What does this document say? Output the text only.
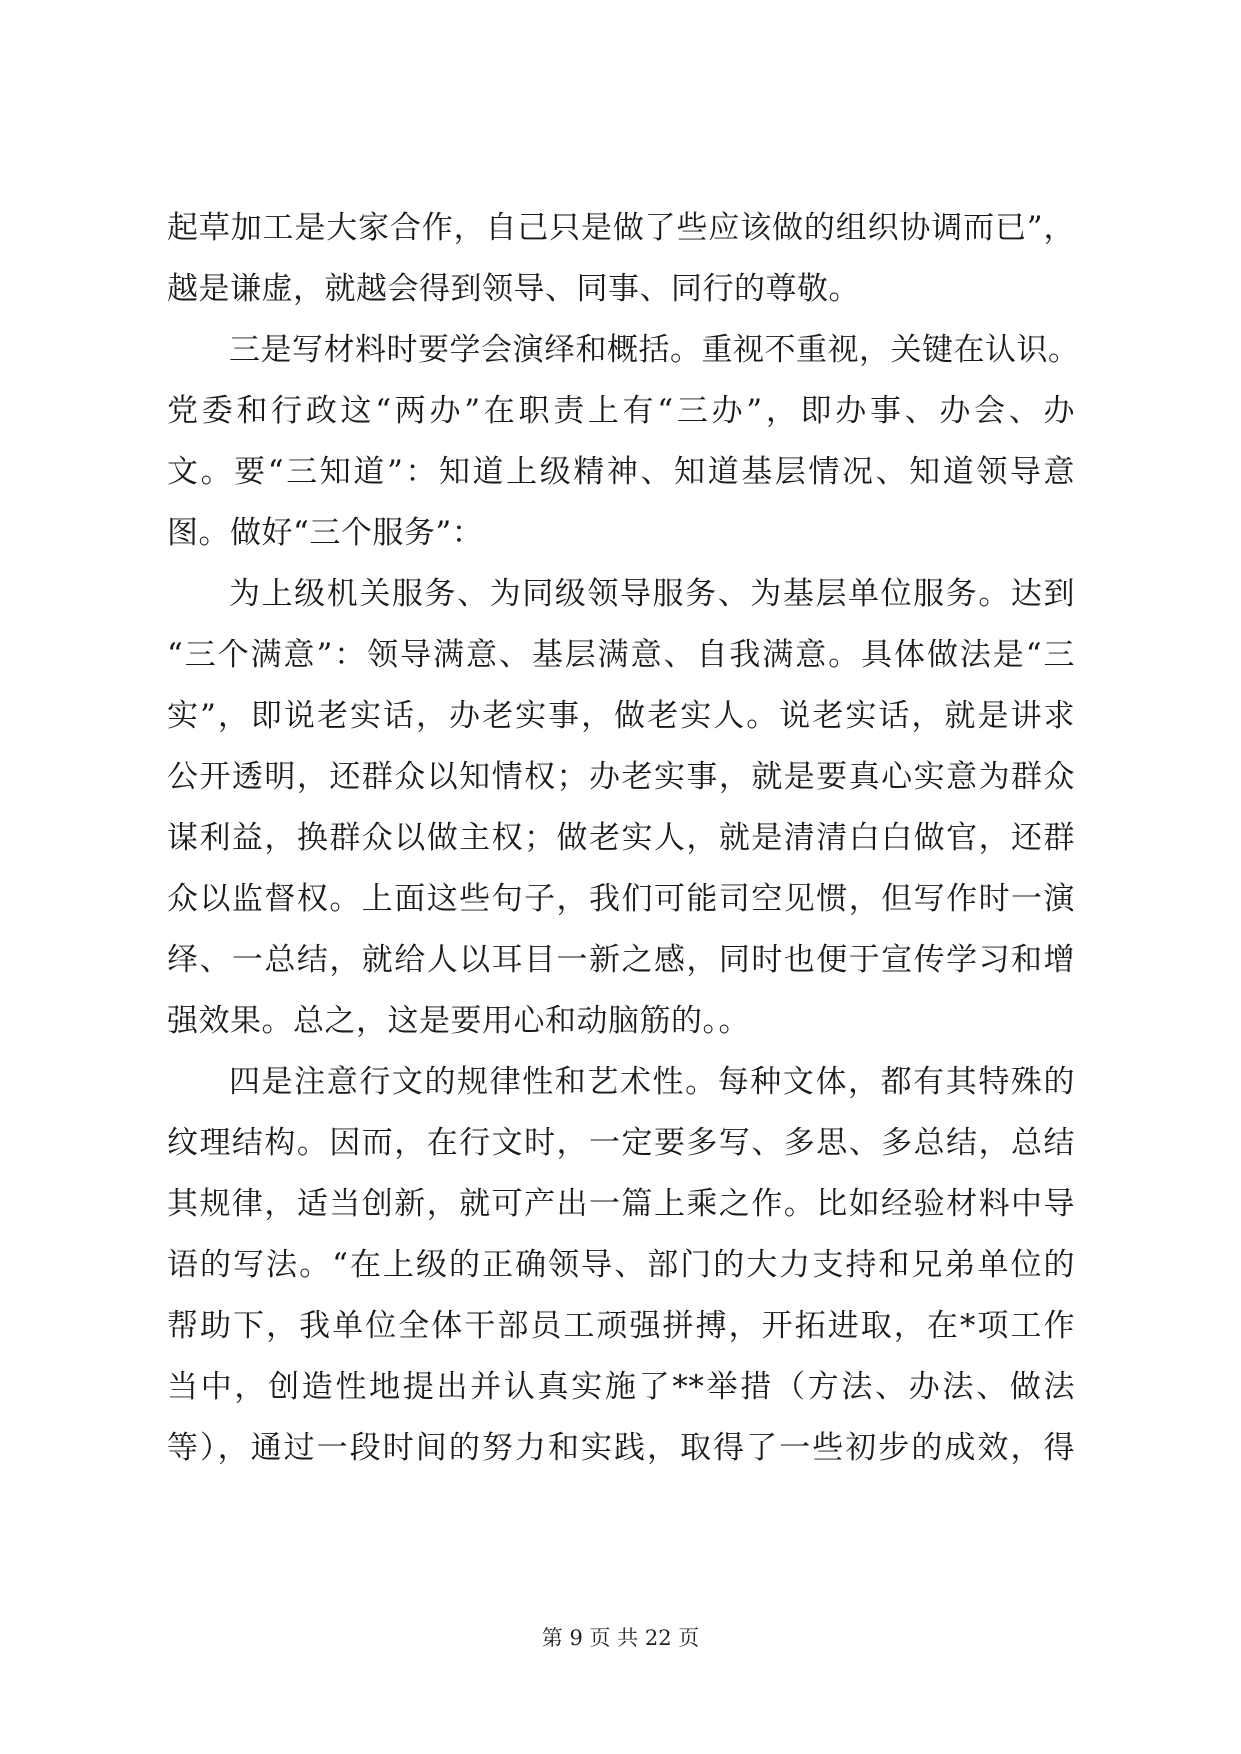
起草加工是大家合作，自己只是做了些应该做的组织协调而已”，
越是谦虚，就越会得到领导、同事、同行的尊敬。
三是写材料时要学会演绎和概括。重视不重视，关键在认识。
党委和行政这“两办”在职责上有“三办”，即办事、办会、办
文。要“三知道”：知道上级精神、知道基层情况、知道领导意
图。做好“三个服务”：
为上级机关服务、为同级领导服务、为基层单位服务。达到
“三个满意”：领导满意、基层满意、自我满意。具体做法是“三
实”，即说老实话，办老实事，做老实人。说老实话，就是讲求
公开透明，还群众以知情权；办老实事，就是要真心实意为群众
谋利益，换群众以做主权；做老实人，就是清清白白做官，还群
众以监督权。上面这些句子，我们可能司空见惯，但写作时一演
绎、一总结，就给人以耳目一新之感，同时也便于宣传学习和增
强效果。总之，这是要用心和动脑筋的。。
四是注意行文的规律性和艺术性。每种文体，都有其特殊的
纹理结构。因而，在行文时，一定要多写、多思、多总结，总结
其规律，适当创新，就可产出一篇上乘之作。比如经验材料中导
语的写法。“在上级的正确领导、部门的大力支持和兄弟单位的
帮助下，我单位全体干部员工顽强拼搏，开拓进取，在*项工作
当中，创造性地提出并认真实施了**举措（方法、办法、做法
等），通过一段时间的努力和实践，取得了一些初步的成效，得
第 9 页 共 22 页
